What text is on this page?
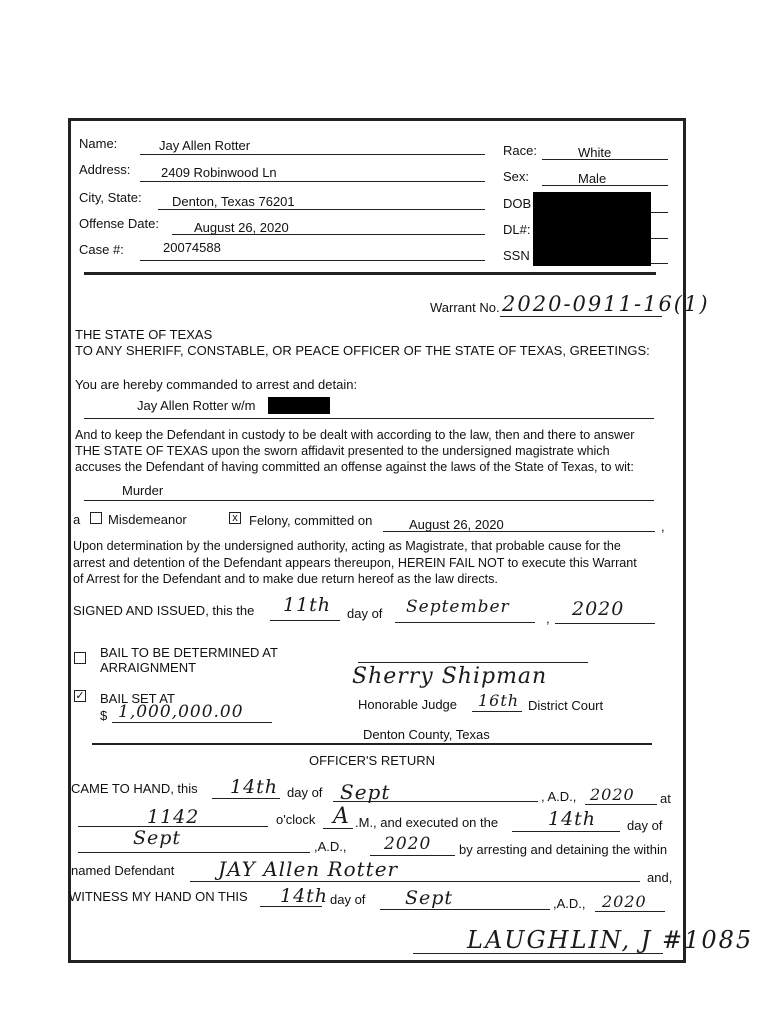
Name:	Jay Allen Rotter
Address: 2409 Robinwood Ln
City, State: Denton, Texas 76201
Offense Date:	August 26, 2020
Case #:	20074588
Race:	White
Sex:	Male
DOB
DL#:
SSN
Warrant No. 2020-0911-16(1)
THE STATE OF TEXAS
TO ANY SHERIFF, CONSTABLE, OR PEACE OFFICER OF THE STATE OF TEXAS, GREETINGS:
You are hereby commanded to arrest and detain:
Jay Allen Rotter w/m
And to keep the Defendant in custody to be dealt with according to the law, then and there to answer
THE STATE OF TEXAS upon the sworn affidavit presented to the undersigned magistrate which
accuses the Defendant of having committed an offense against the laws of the State of Texas, to wit:
Murder
a Misdemeanor	x Felony, committed on	August 26, 2020	,
Upon determination by the undersigned authority, acting as Magistrate, that probable cause for the
arrest and detention of the Defendant appears thereupon, HEREIN FAIL NOT to execute this Warrant
of Arrest for the Defendant and to make due return hereof as the law directs.
SIGNED AND ISSUED, this the 11th day of September
, 2020
BAIL TO BE DETERMINED AT
ARRAIGNMENT	Sherry Shipman
✓ BAIL SET AT
$ 1,000,000.00	Honorable Judge 16th District Court
Denton County, Texas
OFFICER'S RETURN
CAME TO HAND, this 14th day of Sept	, A.D., 2020 at
1142	o'clock A .M., and executed on the	14th day of
Sept	,A.D., 2020 by arresting and detaining the within
named Defendant JAY Allen Rotter	and,
WITNESS MY HAND ON THIS 14th day of Sept	,A.D., 2020
LAUGHLIN, J #1085
